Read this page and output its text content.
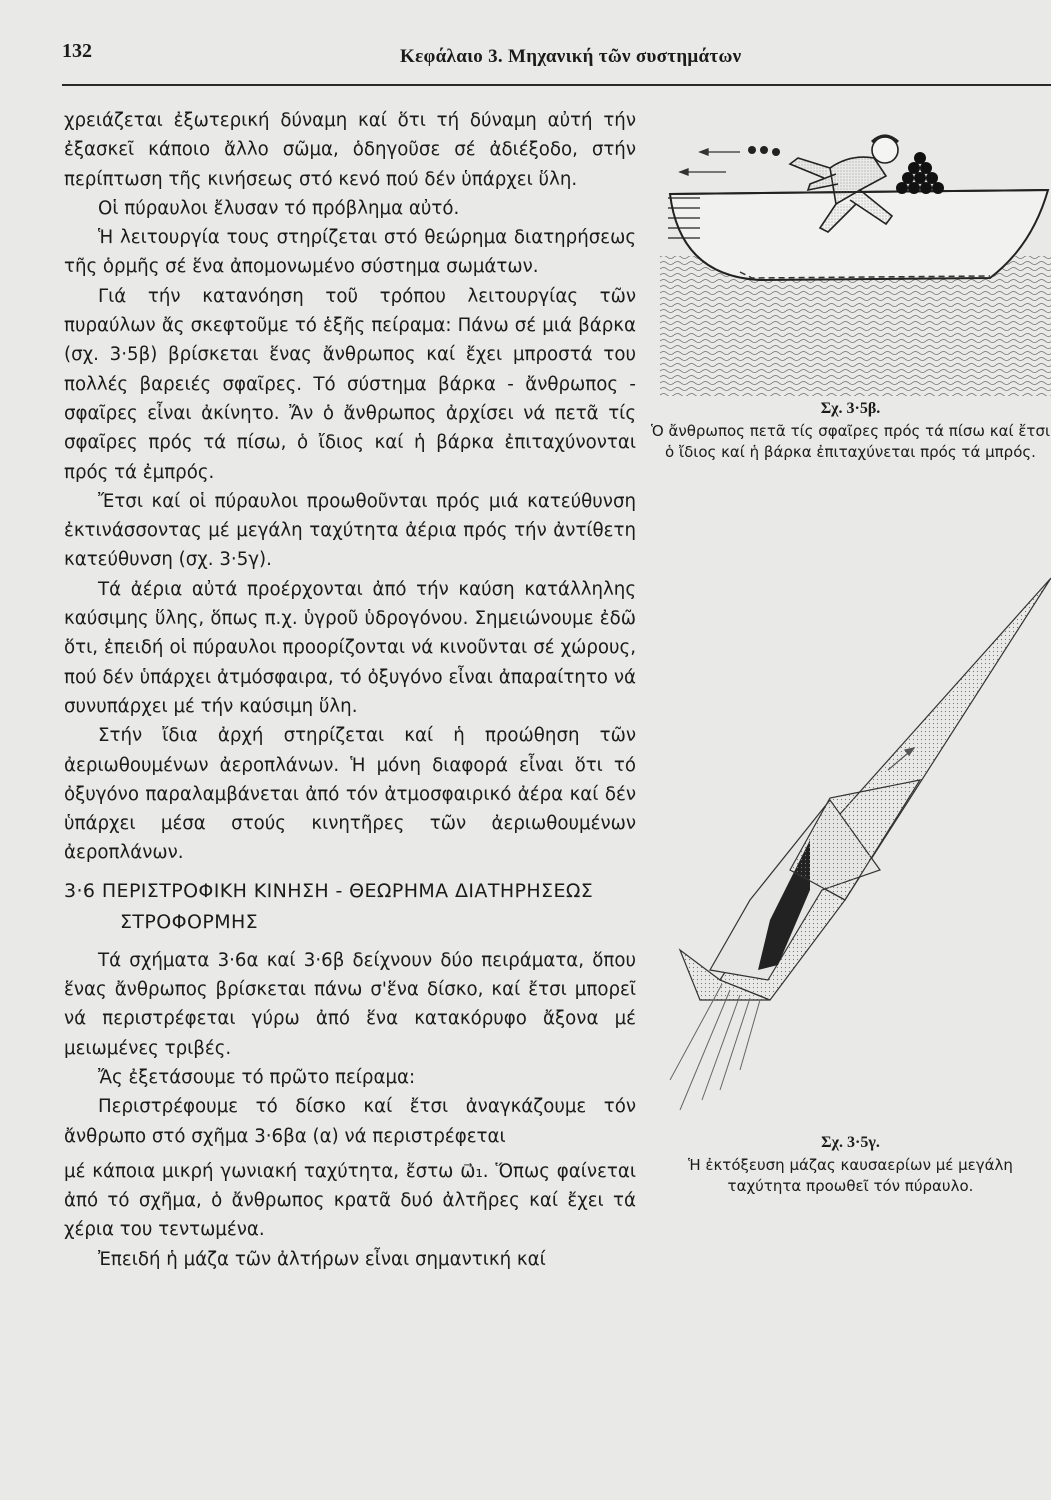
132	Κεφάλαιο 3. Μηχανική τῶν συστημάτων

χρειάζεται ἐξωτερική δύναμη καί ὅτι τή δύναμη αὐτή τήν ἐξασκεῖ κάποιο ἄλλο σῶμα, ὁδηγοῦσε σέ ἀδιέξοδο, στήν περίπτωση τῆς κινήσεως στό κενό πού δέν ὑπάρχει ὕλη.

Οἱ πύραυλοι ἔλυσαν τό πρόβλημα αὐτό.

Ἡ λειτουργία τους στηρίζεται στό θεώρημα διατηρήσεως τῆς ὁρμῆς σέ ἕνα ἀπομονωμένο σύστημα σωμάτων.

Γιά τήν κατανόηση τοῦ τρόπου λειτουργίας τῶν πυραύλων ἄς σκεφτοῦμε τό ἑξῆς πείραμα: Πάνω σέ μιά βάρκα (σχ. 3·5β) βρίσκεται ἕνας ἄνθρωπος καί ἔχει μπροστά του πολλές βαρειές σφαῖρες. Τό σύστημα βάρκα - ἄνθρωπος - σφαῖρες εἶναι ἀκίνητο. Ἄν ὁ ἄνθρωπος ἀρχίσει νά πετᾶ τίς σφαῖρες πρός τά πίσω, ὁ ἴδιος καί ἡ βάρκα ἐπιταχύνονται πρός τά ἐμπρός.

Ἔτσι καί οἱ πύραυλοι προωθοῦνται πρός μιά κατεύθυνση ἐκτινάσσοντας μέ μεγάλη ταχύτητα ἀέρια πρός τήν ἀντίθετη κατεύθυνση (σχ. 3·5γ).

Τά ἀέρια αὐτά προέρχονται ἀπό τήν καύση κατάλληλης καύσιμης ὕλης, ὅπως π.χ. ὑγροῦ ὑδρογόνου. Σημειώνουμε ἐδῶ ὅτι, ἐπειδή οἱ πύραυλοι προορίζονται νά κινοῦνται σέ χώρους, πού δέν ὑπάρχει ἀτμόσφαιρα, τό ὀξυγόνο εἶναι ἀπαραίτητο νά συνυπάρχει μέ τήν καύσιμη ὕλη.

Στήν ἴδια ἀρχή στηρίζεται καί ἡ προώθηση τῶν ἀεριωθουμένων ἀεροπλάνων. Ἡ μόνη διαφορά εἶναι ὅτι τό ὀξυγόνο παραλαμβάνεται ἀπό τόν ἀτμοσφαιρικό ἀέρα καί δέν ὑπάρχει μέσα στούς κινητῆρες τῶν ἀεριωθουμένων ἀεροπλάνων.

3·6 ΠΕΡΙΣΤΡΟΦΙΚΗ ΚΙΝΗΣΗ - ΘΕΩΡΗΜΑ ΔΙΑΤΗΡΗΣΕΩΣ ΣΤΡΟΦΟΡΜΗΣ

Τά σχήματα 3·6α καί 3·6β δείχνουν δύο πειράματα, ὅπου ἕνας ἄνθρωπος βρίσκεται πάνω σ'ἕνα δίσκο, καί ἔτσι μπορεῖ νά περιστρέφεται γύρω ἀπό ἕνα κατακόρυφο ἄξονα μέ μειωμένες τριβές.

Ἄς ἐξετάσουμε τό πρῶτο πείραμα:

Περιστρέφουμε τό δίσκο καί ἔτσι ἀναγκάζουμε τόν ἄνθρωπο στό σχῆμα 3·6βα (α) νά περιστρέφεται

μέ κάποια μικρή γωνιακή ταχύτητα, ἔστω ω⃗₁. Ὅπως φαίνεται ἀπό τό σχῆμα, ὁ ἄνθρωπος κρατᾶ δυό ἀλτῆρες καί ἔχει τά χέρια του τεντωμένα.

Ἐπειδή ἡ μάζα τῶν ἀλτήρων εἶναι σημαντική καί

Σχ. 3·5β.
Ὁ ἄνθρωπος πετᾶ τίς σφαῖρες πρός τά πίσω καί ἔτσι ὁ ἴδιος καί ἡ βάρκα ἐπιταχύνεται πρός τά μπρός.
Σχ. 3·5γ.
Ἡ ἐκτόξευση μάζας καυσαερίων μέ μεγάλη ταχύτητα προωθεῖ τόν πύραυλο.
